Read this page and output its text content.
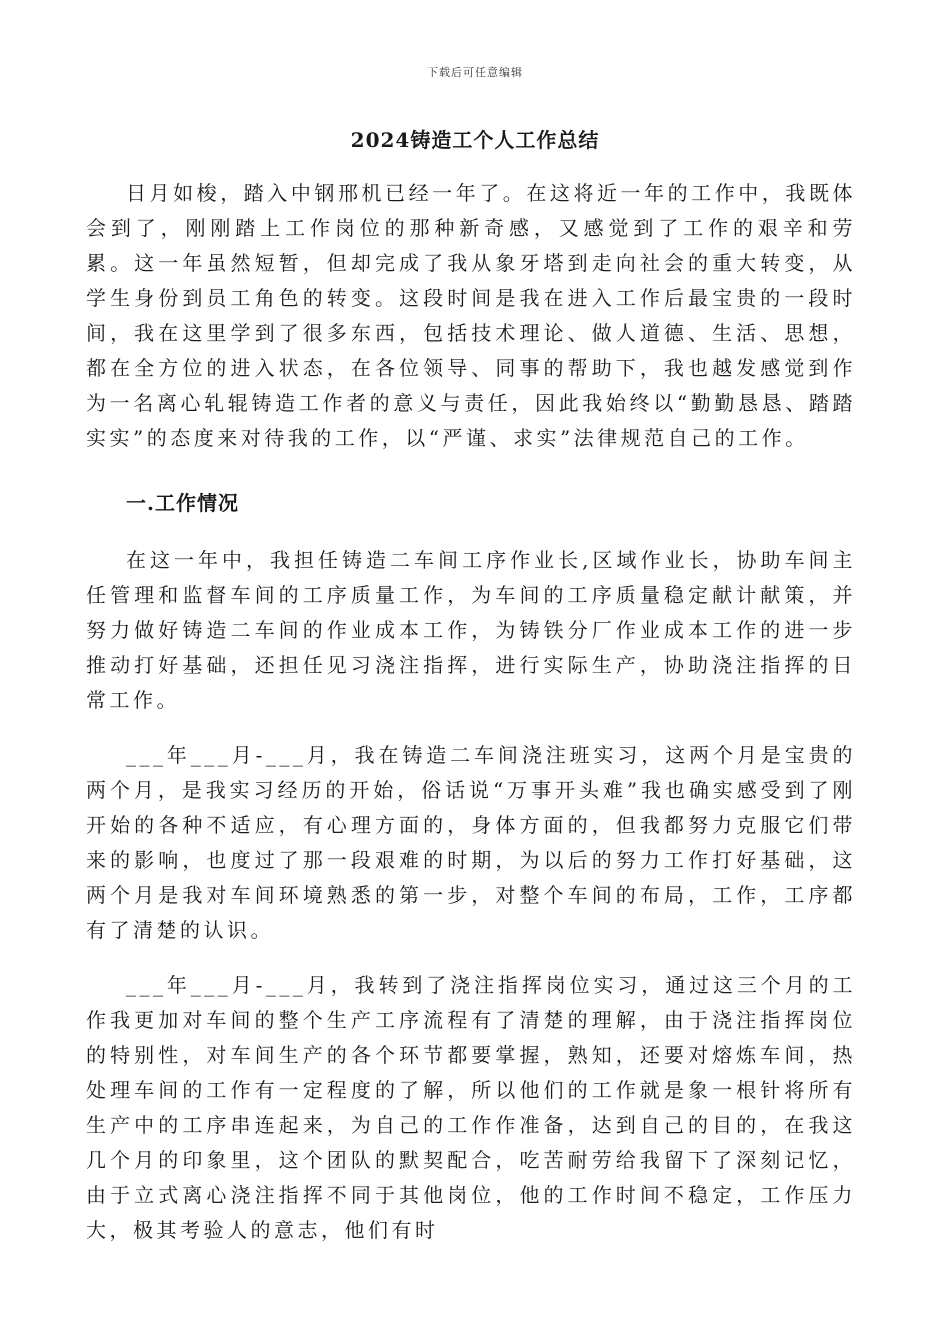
下载后可任意编辑
2024铸造工个人工作总结

日月如梭，踏入中钢邢机已经一年了。在这将近一年的工作中，我既体会到了，刚刚踏上工作岗位的那种新奇感，又感觉到了工作的艰辛和劳累。这一年虽然短暂，但却完成了我从象牙塔到走向社会的重大转变，从学生身份到员工角色的转变。这段时间是我在进入工作后最宝贵的一段时间，我在这里学到了很多东西，包括技术理论、做人道德、生活、思想，都在全方位的进入状态，在各位领导、同事的帮助下，我也越发感觉到作为一名离心轧辊铸造工作者的意义与责任，因此我始终以“勤勤恳恳、踏踏实实”的态度来对待我的工作，以“严谨、求实”法律规范自己的工作。

一.工作情况

在这一年中，我担任铸造二车间工序作业长,区域作业长，协助车间主任管理和监督车间的工序质量工作，为车间的工序质量稳定献计献策，并努力做好铸造二车间的作业成本工作，为铸铁分厂作业成本工作的进一步推动打好基础，还担任见习浇注指挥，进行实际生产，协助浇注指挥的日常工作。

___年___月-___月，我在铸造二车间浇注班实习，这两个月是宝贵的两个月，是我实习经历的开始，俗话说“万事开头难”我也确实感受到了刚开始的各种不适应，有心理方面的，身体方面的，但我都努力克服它们带来的影响，也度过了那一段艰难的时期，为以后的努力工作打好基础，这两个月是我对车间环境熟悉的第一步，对整个车间的布局，工作，工序都有了清楚的认识。

___年___月-___月，我转到了浇注指挥岗位实习，通过这三个月的工作我更加对车间的整个生产工序流程有了清楚的理解，由于浇注指挥岗位的特别性，对车间生产的各个环节都要掌握，熟知，还要对熔炼车间，热处理车间的工作有一定程度的了解，所以他们的工作就是象一根针将所有生产中的工序串连起来，为自己的工作作准备，达到自己的目的，在我这几个月的印象里，这个团队的默契配合，吃苦耐劳给我留下了深刻记忆，由于立式离心浇注指挥不同于其他岗位，他的工作时间不稳定，工作压力大，极其考验人的意志，他们有时
